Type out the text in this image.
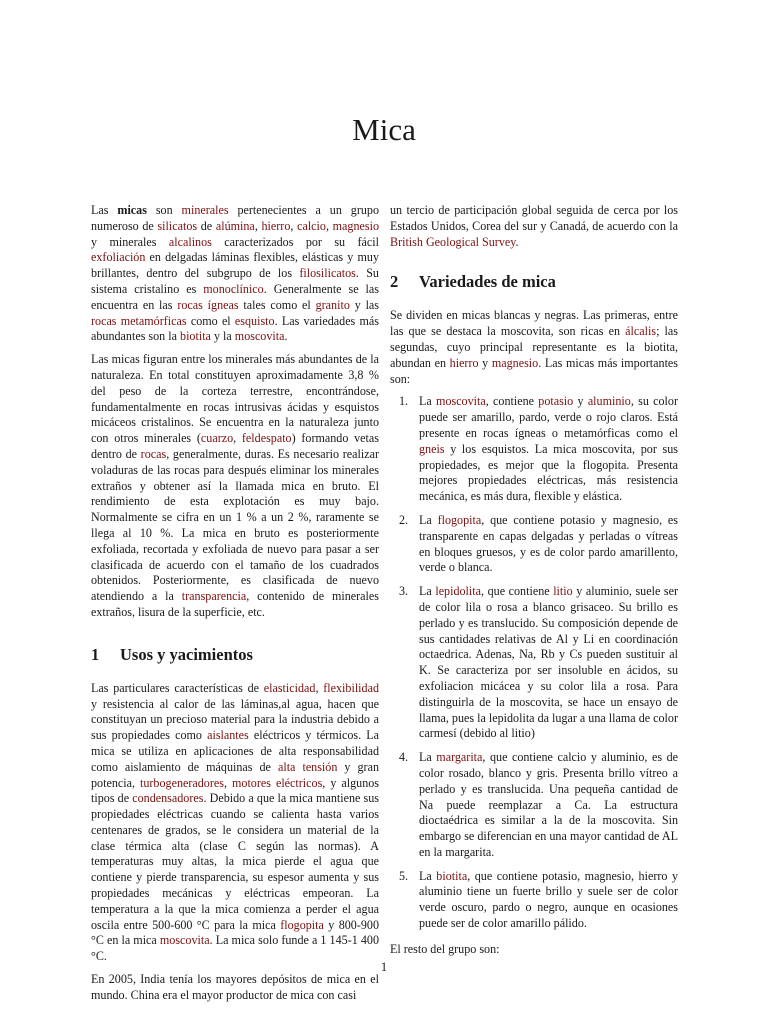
Mica

Las micas son minerales pertenecientes a un grupo numeroso de silicatos de alúmina, hierro, calcio, magnesio y minerales alcalinos caracterizados por su fácil exfoliación en delgadas láminas flexibles, elásticas y muy brillantes, dentro del subgrupo de los filosilicatos. Su sistema cristalino es monoclínico. Generalmente se las encuentra en las rocas ígneas tales como el granito y las rocas metamórficas como el esquisto. Las variedades más abundantes son la biotita y la moscovita.

Las micas figuran entre los minerales más abundantes de la naturaleza. En total constituyen aproximadamente 3,8 % del peso de la corteza terrestre, encontrándose, fundamentalmente en rocas intrusivas ácidas y esquistos micáceos cristalinos. Se encuentra en la naturaleza junto con otros minerales (cuarzo, feldespato) formando vetas dentro de rocas, generalmente, duras. Es necesario realizar voladuras de las rocas para después eliminar los minerales extraños y obtener así la llamada mica en bruto. El rendimiento de esta explotación es muy bajo. Normalmente se cifra en un 1 % a un 2 %, raramente se llega al 10 %. La mica en bruto es posteriormente exfoliada, recortada y exfoliada de nuevo para pasar a ser clasificada de acuerdo con el tamaño de los cuadrados obtenidos. Posteriormente, es clasificada de nuevo atendiendo a la transparencia, contenido de minerales extraños, lisura de la superficie, etc.

1 Usos y yacimientos

Las particulares características de elasticidad, flexibilidad y resistencia al calor de las láminas,al agua, hacen que constituyan un precioso material para la industria debido a sus propiedades como aislantes eléctricos y térmicos. La mica se utiliza en aplicaciones de alta responsabilidad como aislamiento de máquinas de alta tensión y gran potencia, turbogeneradores, motores eléctricos, y algunos tipos de condensadores. Debido a que la mica mantiene sus propiedades eléctricas cuando se calienta hasta varios centenares de grados, se le considera un material de la clase térmica alta (clase C según las normas). A temperaturas muy altas, la mica pierde el agua que contiene y pierde transparencia, su espesor aumenta y sus propiedades mecánicas y eléctricas empeoran. La temperatura a la que la mica comienza a perder el agua oscila entre 500-600 °C para la mica flogopita y 800-900 °C en la mica moscovita. La mica solo funde a 1 145-1 400 °C.

En 2005, India tenía los mayores depósitos de mica en el mundo. China era el mayor productor de mica con casi

un tercio de participación global seguida de cerca por los Estados Unidos, Corea del sur y Canadá, de acuerdo con la British Geological Survey.

2 Variedades de mica

Se dividen en micas blancas y negras. Las primeras, entre las que se destaca la moscovita, son ricas en álcalis; las segundas, cuyo principal representante es la biotita, abundan en hierro y magnesio. Las micas más importantes son:

1. La moscovita, contiene potasio y aluminio, su color puede ser amarillo, pardo, verde o rojo claros. Está presente en rocas ígneas o metamórficas como el gneis y los esquistos. La mica moscovita, por sus propiedades, es mejor que la flogopita. Presenta mejores propiedades eléctricas, más resistencia mecánica, es más dura, flexible y elástica.
2. La flogopita, que contiene potasio y magnesio, es transparente en capas delgadas y perladas o vítreas en bloques gruesos, y es de color pardo amarillento, verde o blanca.
3. La lepidolita, que contiene litio y aluminio, suele ser de color lila o rosa a blanco grisaceo. Su brillo es perlado y es translucido. Su composición depende de sus cantidades relativas de Al y Li en coordinación octaedrica. Adenas, Na, Rb y Cs pueden sustituir al K. Se caracteriza por ser insoluble en ácidos, su exfoliacion micácea y su color lila a rosa. Para distinguirla de la moscovita, se hace un ensayo de llama, pues la lepidolita da lugar a una llama de color carmesí (debido al litio)
4. La margarita, que contiene calcio y aluminio, es de color rosado, blanco y gris. Presenta brillo vítreo a perlado y es translucida. Una pequeña cantidad de Na puede reemplazar a Ca. La estructura dioctaédrica es similar a la de la moscovita. Sin embargo se diferencian en una mayor cantidad de AL en la margarita.
5. La biotita, que contiene potasio, magnesio, hierro y aluminio tiene un fuerte brillo y suele ser de color verde oscuro, pardo o negro, aunque en ocasiones puede ser de color amarillo pálido.

El resto del grupo son:

1
